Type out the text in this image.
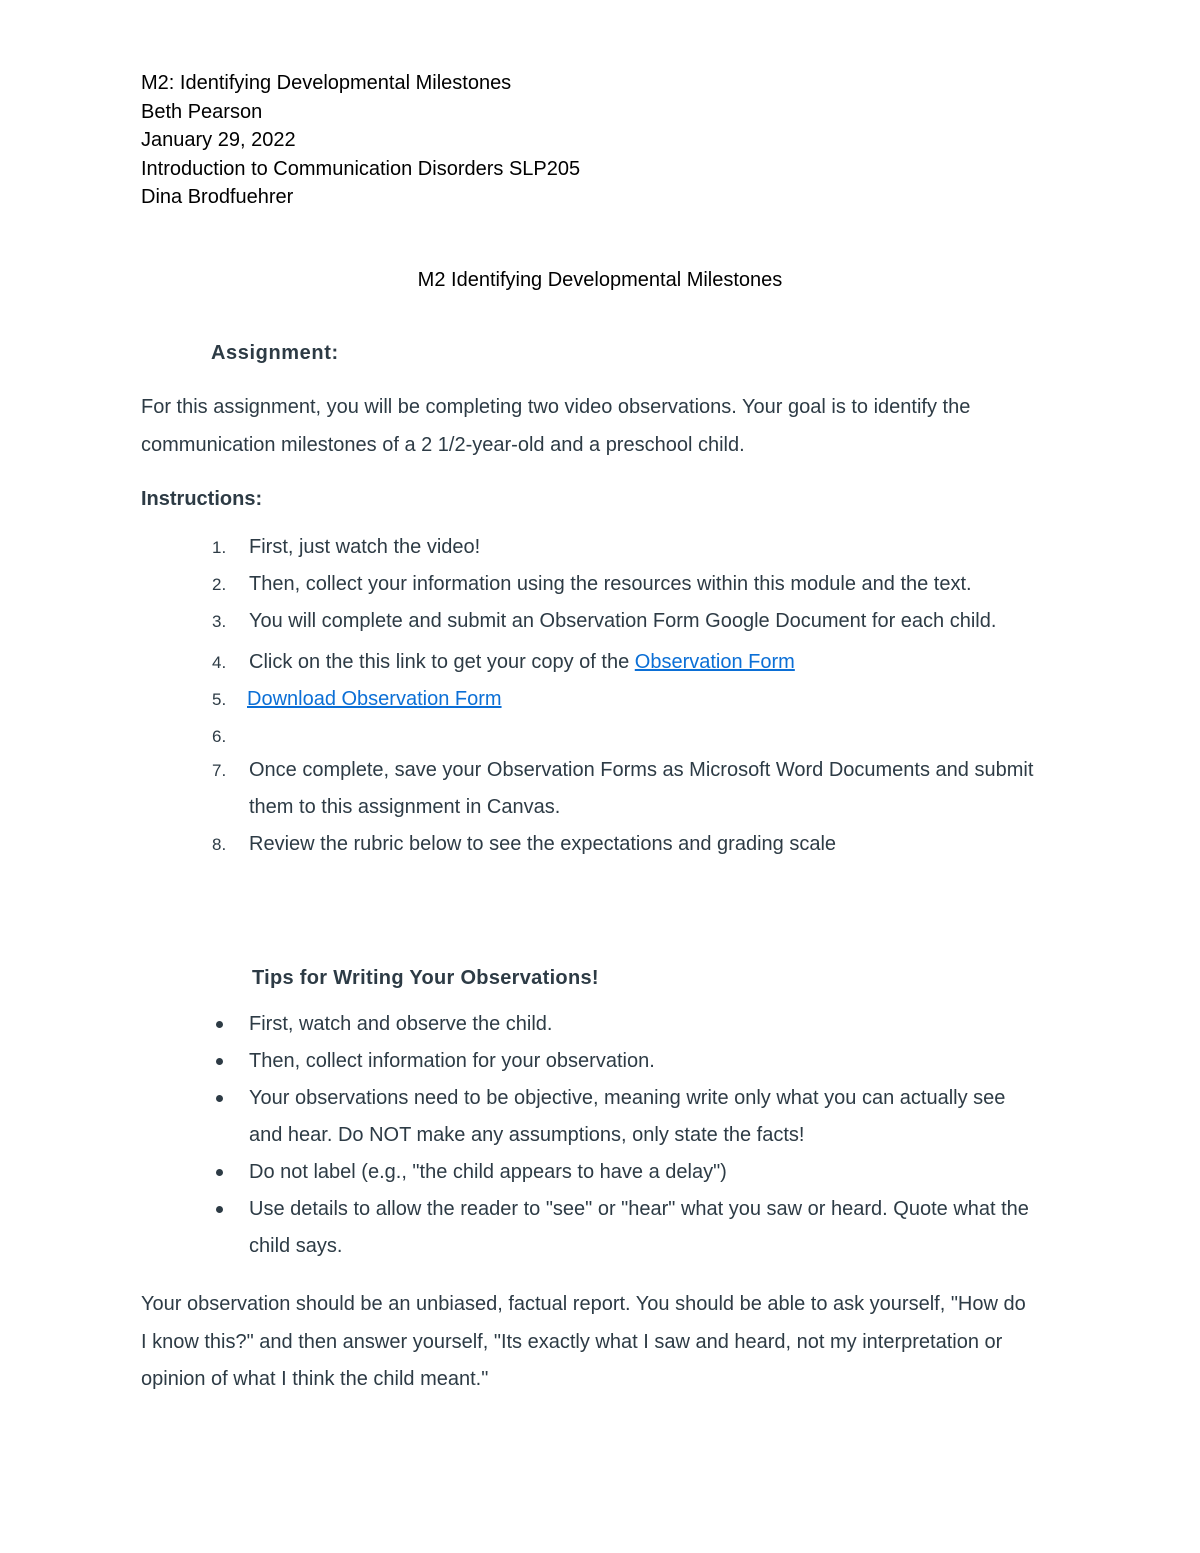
M2: Identifying Developmental Milestones
Beth Pearson
January 29, 2022
Introduction to Communication Disorders SLP205
Dina Brodfuehrer
M2 Identifying Developmental Milestones
Assignment:
For this assignment, you will be completing two video observations. Your goal is to identify the communication milestones of a 2 1/2-year-old and a preschool child.
Instructions:
1. First, just watch the video!
2. Then, collect your information using the resources within this module and the text.
3. You will complete and submit an Observation Form Google Document for each child.
4. Click on the this link to get your copy of the Observation Form
5. Download Observation Form
6.
7. Once complete, save your Observation Forms as Microsoft Word Documents and submit them to this assignment in Canvas.
8. Review the rubric below to see the expectations and grading scale
Tips for Writing Your Observations!
First, watch and observe the child.
Then, collect information for your observation.
Your observations need to be objective, meaning write only what you can actually see and hear. Do NOT make any assumptions, only state the facts!
Do not label (e.g., "the child appears to have a delay")
Use details to allow the reader to "see" or "hear" what you saw or heard. Quote what the child says.
Your observation should be an unbiased, factual report. You should be able to ask yourself, "How do I know this?" and then answer yourself, "Its exactly what I saw and heard, not my interpretation or opinion of what I think the child meant."
